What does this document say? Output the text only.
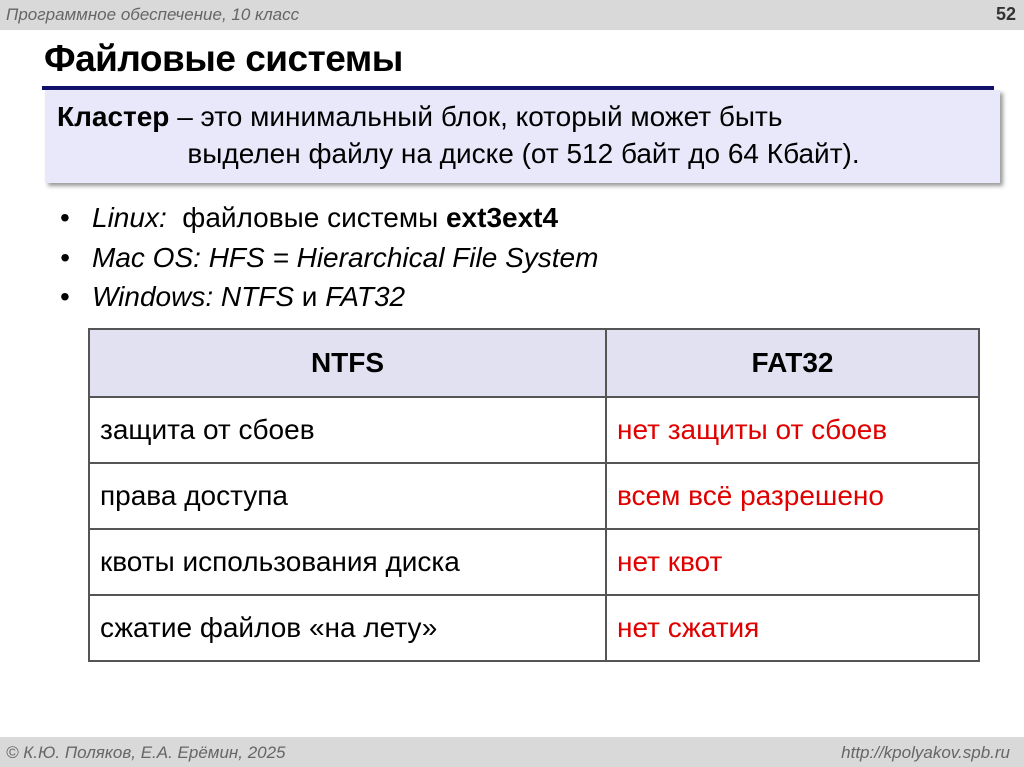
Программное обеспечение, 10 класс	52
Файловые системы
Кластер – это минимальный блок, который может быть
выделен файлу на диске (от 512 байт до 64 Кбайт).
• Linux:  файловые системы ext3ext4
• Mac OS: HFS = Hierarchical File System
• Windows: NTFS и FAT32
NTFS	FAT32
защита от сбоев	нет защиты от сбоев
права доступа	всем всё разрешено
квоты использования диска	нет квот
сжатие файлов «на лету»	нет сжатия
© К.Ю. Поляков, Е.А. Ерёмин, 2025	http://kpolyakov.spb.ru
